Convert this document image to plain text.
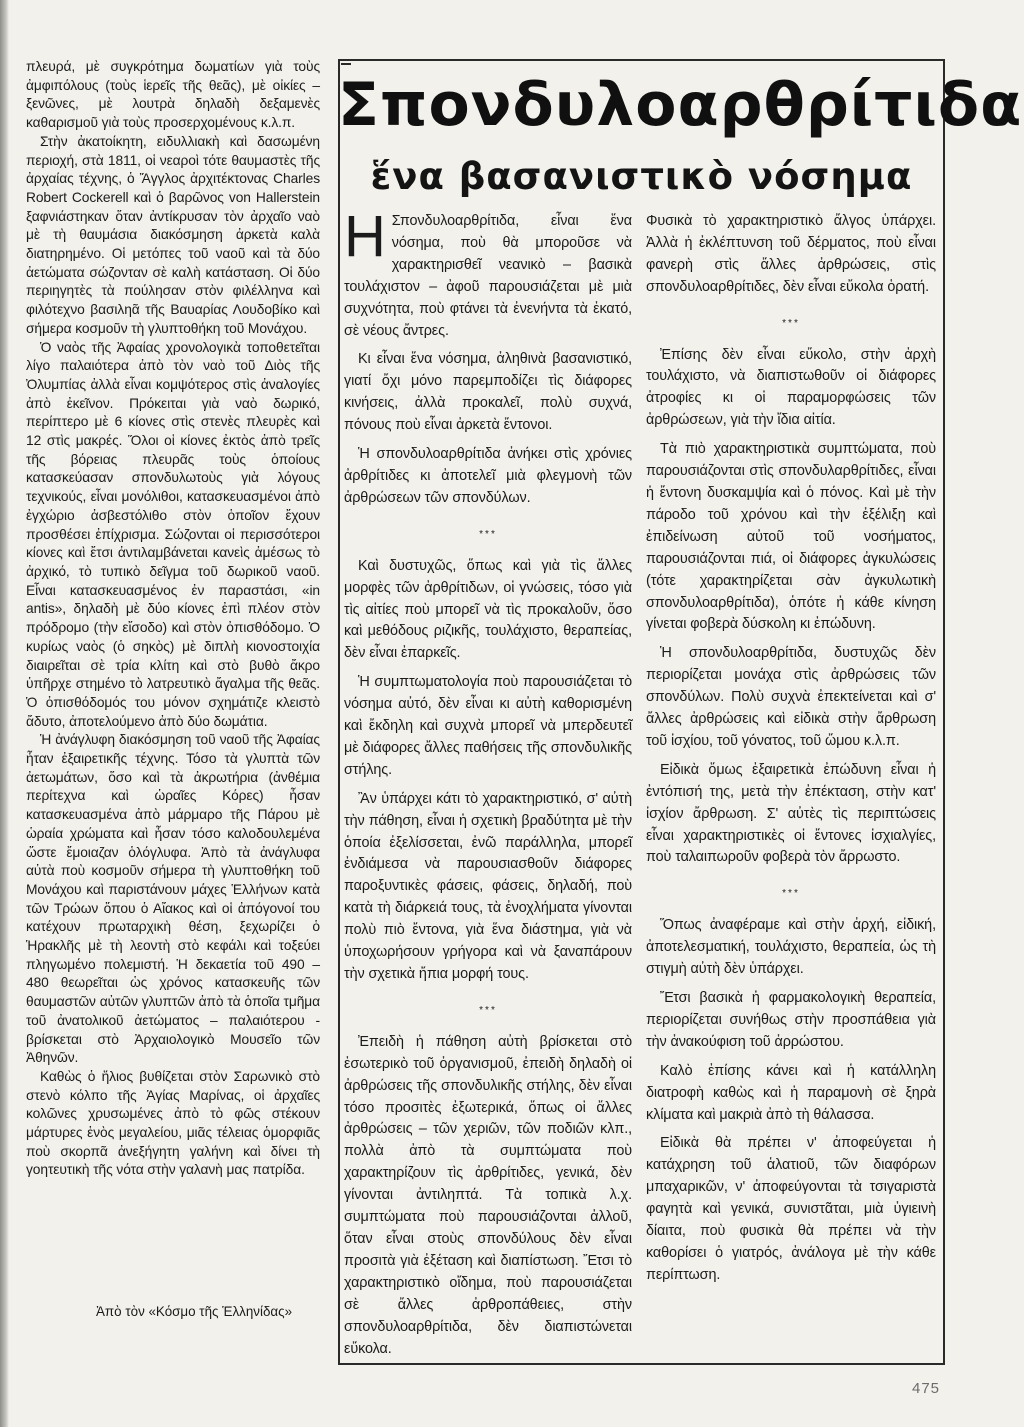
πλευρά, μὲ συγκρότημα δωματίων γιὰ τοὺς ἀμφιπόλους (τοὺς ἱερεῖς τῆς θεᾶς), μὲ οἰκίες – ξενῶνες, μὲ λουτρὰ δηλαδὴ δεξαμενὲς καθαρισμοῦ γιὰ τοὺς προσερχομένους κ.λ.π.

Στὴν ἀκατοίκητη, ειδυλλιακὴ καὶ δασωμένη περιοχή, στὰ 1811, οἱ νεαροὶ τότε θαυμαστὲς τῆς ἀρχαίας τέχνης, ὁ Ἄγγλος ἀρχιτέκτονας Charles Robert Cockerell καὶ ὁ βαρῶνος von Hallerstein ξαφνιάστηκαν ὅταν ἀντίκρυσαν τὸν ἀρχαῖο ναὸ μὲ τὴ θαυμάσια διακόσμηση ἀρκετὰ καλὰ διατηρημένο. Οἱ μετόπες τοῦ ναοῦ καὶ τὰ δύο ἀετώματα σώζονταν σὲ καλὴ κατάσταση. Οἱ δύο περιηγητὲς τὰ πούλησαν στὸν φιλέλληνα καὶ φιλότεχνο βασιληᾶ τῆς Βαυαρίας Λουδοβίκο καὶ σήμερα κοσμοῦν τὴ γλυπτοθήκη τοῦ Μονάχου.

Ὁ ναὸς τῆς Ἀφαίας χρονολογικὰ τοποθετεῖται λίγο παλαιότερα ἀπὸ τὸν ναὸ τοῦ Διὸς τῆς Ὀλυμπίας ἀλλὰ εἶναι κομψότερος στὶς ἀναλογίες ἀπὸ ἐκεῖνον. Πρόκειται γιὰ ναὸ δωρικό, περίπτερο μὲ 6 κίονες στὶς στενὲς πλευρὲς καὶ 12 στὶς μακρές. Ὅλοι οἱ κίονες ἐκτὸς ἀπὸ τρεῖς τῆς βόρειας πλευρᾶς τοὺς ὁποίους κατασκεύασαν σπονδυλωτοὺς γιὰ λόγους τεχνικούς, εἶναι μονόλιθοι, κατασκευασμένοι ἀπὸ ἐγχώριο ἀσβεστόλιθο στὸν ὁποῖον ἔχουν προσθέσει ἐπίχρισμα. Σώζονται οἱ περισσότεροι κίονες καὶ ἔτσι ἀντιλαμβάνεται κανεὶς ἀμέσως τὸ ἀρχικό, τὸ τυπικὸ δεῖγμα τοῦ δωρικοῦ ναοῦ. Εἶναι κατασκευασμένος ἐν παραστάσι, «in antis», δηλαδὴ μὲ δύο κίονες ἐπὶ πλέον στὸν πρόδρομο (τὴν εἴσοδο) καὶ στὸν ὀπισθόδομο. Ὁ κυρίως ναὸς (ὁ σηκὸς) μὲ διπλὴ κιονοστοιχία διαιρεῖται σὲ τρία κλίτη καὶ στὸ βυθὸ ἄκρο ὑπῆρχε στημένο τὸ λατρευτικὸ ἄγαλμα τῆς θεᾶς. Ὁ ὀπισθόδομός του μόνον σχημάτιζε κλειστὸ ἄδυτο, ἀποτελούμενο ἀπὸ δύο δωμάτια.

Ἡ ἀνάγλυφη διακόσμηση τοῦ ναοῦ τῆς Ἀφαίας ἦταν ἐξαιρετικῆς τέχνης. Τόσο τὰ γλυπτὰ τῶν ἀετωμάτων, ὅσο καὶ τὰ ἀκρωτήρια (ἀνθέμια περίτεχνα καὶ ὡραῖες Κόρες) ἦσαν κατασκευασμένα ἀπὸ μάρμαρο τῆς Πάρου μὲ ὡραία χρώματα καὶ ἦσαν τόσο καλοδουλεμένα ὥστε ἔμοιαζαν ὁλόγλυφα. Ἀπὸ τὰ ἀνάγλυφα αὐτὰ ποὺ κοσμοῦν σήμερα τὴ γλυπτοθήκη τοῦ Μονάχου καὶ παριστάνουν μάχες Ἑλλήνων κατὰ τῶν Τρώων ὅπου ὁ Αἴακος καὶ οἱ ἀπόγονοί του κατέχουν πρωταρχικὴ θέση, ξεχωρίζει ὁ Ἡρακλῆς μὲ τὴ λεοντὴ στὸ κεφάλι καὶ τοξεύει πληγωμένο πολεμιστή. Ἡ δεκαετία τοῦ 490 – 480 θεωρεῖται ὡς χρόνος κατασκευῆς τῶν θαυμαστῶν αὐτῶν γλυπτῶν ἀπὸ τὰ ὁποῖα τμῆμα τοῦ ἀνατολικοῦ ἀετώματος – παλαιότερου - βρίσκεται στὸ Ἀρχαιολογικὸ Μουσεῖο τῶν Ἀθηνῶν.

Καθὼς ὁ ἥλιος βυθίζεται στὸν Σαρωνικὸ στὸ στενὸ κόλπο τῆς Ἁγίας Μαρίνας, οἱ ἀρχαῖες κολῶνες χρυσωμένες ἀπὸ τὸ φῶς στέκουν μάρτυρες ἑνὸς μεγαλείου, μιᾶς τέλειας ὁμορφιᾶς ποὺ σκορπᾶ ἀνεξήγητη γαλήνη καὶ δίνει τὴ γοητευτικὴ τῆς νότα στὴν γαλανὴ μας πατρίδα.

Ἀπὸ τὸν «Κόσμο τῆς Ἑλληνίδας»
Σπονδυλοαρθρίτιδα
ἕνα βασανιστικὸ νόσημα

Η Σπονδυλοαρθρίτιδα, εἶναι ἕνα νόσημα, ποὺ θὰ μποροῦσε νὰ χαρακτηρισθεῖ νεανικὸ – βασικὰ τουλάχιστον – ἀφοῦ παρουσιάζεται μὲ μιὰ συχνότητα, ποὺ φτάνει τὰ ἐνενήντα τὰ ἑκατό, σὲ νέους ἄντρες.

Κι εἶναι ἕνα νόσημα, ἀληθινὰ βασανιστικό, γιατί ὄχι μόνο παρεμποδίζει τὶς διάφορες κινήσεις, ἀλλὰ προκαλεῖ, πολὺ συχνά, πόνους ποὺ εἶναι ἀρκετὰ ἔντονοι.

Ἡ σπονδυλοαρθρίτιδα ἀνήκει στὶς χρόνιες ἀρθρίτιδες κι ἀποτελεῖ μιὰ φλεγμονὴ τῶν ἀρθρώσεων τῶν σπονδύλων.

***

Καὶ δυστυχῶς, ὅπως καὶ γιὰ τὶς ἄλλες μορφὲς τῶν ἀρθρίτιδων, οἱ γνώσεις, τόσο γιὰ τὶς αἰτίες ποὺ μπορεῖ νὰ τὶς προκαλοῦν, ὅσο καὶ μεθόδους ριζικῆς, τουλάχιστο, θεραπείας, δὲν εἶναι ἐπαρκεῖς.

Ἡ συμπτωματολογία ποὺ παρουσιάζεται τὸ νόσημα αὐτό, δὲν εἶναι κι αὐτὴ καθορισμένη καὶ ἔκδηλη καὶ συχνὰ μπορεῖ νὰ μπερδευτεῖ μὲ διάφορες ἄλλες παθήσεις τῆς σπονδυλικῆς στήλης.

Ἂν ὑπάρχει κάτι τὸ χαρακτηριστικό, σ' αὐτὴ τὴν πάθηση, εἶναι ἡ σχετικὴ βραδύτητα μὲ τὴν ὁποία ἐξελίσσεται, ἐνῶ παράλληλα, μπορεῖ ἐνδιάμεσα νὰ παρουσιασθοῦν διάφορες παροξυντικὲς φάσεις, φάσεις, δηλαδή, ποὺ κατὰ τὴ διάρκειά τους, τὰ ἐνοχλήματα γίνονται πολὺ πιὸ ἔντονα, γιὰ ἕνα διάστημα, γιὰ νὰ ὑποχωρήσουν γρήγορα καὶ νὰ ξαναπάρουν τὴν σχετικὰ ἤπια μορφή τους.

***

Ἐπειδὴ ἡ πάθηση αὐτὴ βρίσκεται στὸ ἐσωτερικὸ τοῦ ὀργανισμοῦ, ἐπειδὴ δηλαδὴ οἱ ἀρθρώσεις τῆς σπονδυλικῆς στήλης, δὲν εἶναι τόσο προσιτὲς ἐξωτερικά, ὅπως οἱ ἄλλες ἀρθρώσεις – τῶν χεριῶν, τῶν ποδιῶν κλπ., πολλὰ ἀπὸ τὰ συμπτώματα ποὺ χαρακτηρίζουν τὶς ἀρθρίτιδες, γενικά, δὲν γίνονται ἀντιληπτά. Τὰ τοπικὰ λ.χ. συμπτώματα ποὺ παρουσιάζονται ἀλλοῦ, ὅταν εἶναι στοὺς σπονδύλους δὲν εἶναι προσιτὰ γιὰ ἐξέταση καὶ διαπίστωση. Ἔτσι τὸ χαρακτηριστικὸ οἴδημα, ποὺ παρουσιάζεται σὲ ἄλλες ἀρθροπάθειες, στὴν σπονδυλοαρθρίτιδα, δὲν διαπιστώνεται εὔκολα.

Φυσικὰ τὸ χαρακτηριστικὸ ἄλγος ὑπάρχει. Ἀλλὰ ἡ ἐκλέπτυνση τοῦ δέρματος, ποὺ εἶναι φανερὴ στὶς ἄλλες ἀρθρώσεις, στὶς σπονδυλοαρθρίτιδες, δὲν εἶναι εὔκολα ὁρατή.

***

Ἐπίσης δὲν εἶναι εὔκολο, στὴν ἀρχὴ τουλάχιστο, νὰ διαπιστωθοῦν οἱ διάφορες ἀτροφίες κι οἱ παραμορφώσεις τῶν ἀρθρώσεων, γιὰ τὴν ἴδια αἰτία.

Τὰ πιὸ χαρακτηριστικὰ συμπτώματα, ποὺ παρουσιάζονται στὶς σπονδυλαρθρίτιδες, εἶναι ἡ ἔντονη δυσκαμψία καὶ ὁ πόνος. Καὶ μὲ τὴν πάροδο τοῦ χρόνου καὶ τὴν ἐξέλιξη καὶ ἐπιδείνωση αὐτοῦ τοῦ νοσήματος, παρουσιάζονται πιά, οἱ διάφορες ἀγκυλώσεις (τότε χαρακτηρίζεται σὰν ἀγκυλωτικὴ σπονδυλοαρθρίτιδα), ὁπότε ἡ κάθε κίνηση γίνεται φοβερὰ δύσκολη κι ἐπώδυνη.

Ἡ σπονδυλοαρθρίτιδα, δυστυχῶς δὲν περιορίζεται μονάχα στὶς ἀρθρώσεις τῶν σπονδύλων. Πολὺ συχνὰ ἐπεκτείνεται καὶ σ' ἄλλες ἀρθρώσεις καὶ εἰδικὰ στὴν ἄρθρωση τοῦ ἰσχίου, τοῦ γόνατος, τοῦ ὤμου κ.λ.π.

Εἰδικὰ ὅμως ἐξαιρετικὰ ἐπώδυνη εἶναι ἡ ἐντόπισή της, μετὰ τὴν ἐπέκταση, στὴν κατ' ἰσχίον ἄρθρωση. Σ' αὐτὲς τὶς περιπτώσεις εἶναι χαρακτηριστικὲς οἱ ἔντονες ἰσχιαλγίες, ποὺ ταλαιπωροῦν φοβερὰ τὸν ἄρρωστο.

***

Ὅπως ἀναφέραμε καὶ στὴν ἀρχή, εἰδική, ἀποτελεσματική, τουλάχιστο, θεραπεία, ὡς τὴ στιγμὴ αὐτὴ δὲν ὑπάρχει.

Ἔτσι βασικὰ ἡ φαρμακολογικὴ θεραπεία, περιορίζεται συνήθως στὴν προσπάθεια γιὰ τὴν ἀνακούφιση τοῦ ἀρρώστου.

Καλὸ ἐπίσης κάνει καὶ ἡ κατάλληλη διατροφὴ καθὼς καὶ ἡ παραμονὴ σὲ ξηρὰ κλίματα καὶ μακριὰ ἀπὸ τὴ θάλασσα.

Εἰδικὰ θὰ πρέπει ν' ἀποφεύγεται ἡ κατάχρηση τοῦ ἁλατιοῦ, τῶν διαφόρων μπαχαρικῶν, ν' ἀποφεύγονται τὰ τσιγαριστὰ φαγητὰ καὶ γενικά, συνιστᾶται, μιὰ ὑγιεινὴ δίαιτα, ποὺ φυσικὰ θὰ πρέπει νὰ τὴν καθορίσει ὁ γιατρός, ἀνάλογα μὲ τὴν κάθε περίπτωση.

475
